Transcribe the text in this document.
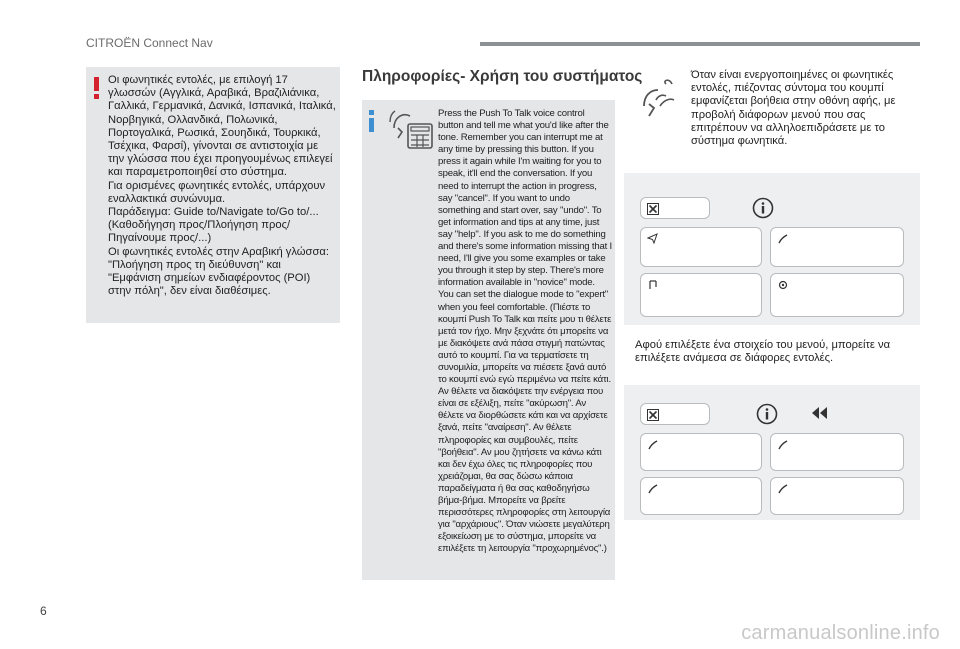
CITROËN Connect Nav

Οι φωνητικές εντολές, με επιλογή 17 γλωσσών (Αγγλικά, Αραβικά, Βραζιλιάνικα, Γαλλικά, Γερμανικά, Δανικά, Ισπανικά, Ιταλικά, Νορβηγικά, Ολλανδικά, Πολωνικά, Πορτογαλικά, Ρωσικά, Σουηδικά, Τουρκικά, Τσέχικα, Φαρσί), γίνονται σε αντιστοιχία με την γλώσσα που έχει προηγουμένως επιλεγεί και παραμετροποιηθεί στο σύστημα.

Για ορισμένες φωνητικές εντολές, υπάρχουν εναλλακτικά συνώνυμα.

Παράδειγμα: Guide to/Navigate to/Go to/... (Καθοδήγηση προς/Πλοήγηση προς/Πηγαίνουμε προς/...)

Οι φωνητικές εντολές στην Αραβική γλώσσα: "Πλοήγηση προς τη διεύθυνση" και "Εμφάνιση σημείων ενδιαφέροντος (POI) στην πόλη", δεν είναι διαθέσιμες.

Πληροφορίες- Χρήση του συστήματος
Press the Push To Talk voice control button and tell me what you'd like after the tone. Remember you can interrupt me at any time by pressing this button. If you press it again while I'm waiting for you to speak, it'll end the conversation. If you need to interrupt the action in progress, say "cancel". If you want to undo something and start over, say "undo". To get information and tips at any time, just say "help". If you ask to me do something and there's some information missing that I need, I'll give you some examples or take you through it step by step. There's more information available in "novice" mode. You can set the dialogue mode to "expert" when you feel comfortable. (Πιέστε το κουμπί Push To Talk και πείτε μου τι θέλετε μετά τον ήχο. Μην ξεχνάτε ότι μπορείτε να με διακόψετε ανά πάσα στιγμή πατώντας αυτό το κουμπί. Για να τερματίσετε τη συνομιλία, μπορείτε να πιέσετε ξανά αυτό το κουμπί ενώ εγώ περιμένω να πείτε κάτι. Αν θέλετε να διακόψετε την ενέργεια που είναι σε εξέλιξη, πείτε "ακύρωση". Αν θέλετε να διορθώσετε κάτι και να αρχίσετε ξανά, πείτε "αναίρεση". Αν θέλετε πληροφορίες και συμβουλές, πείτε "βοήθεια". Αν μου ζητήσετε να κάνω κάτι και δεν έχω όλες τις πληροφορίες που χρειάζομαι, θα σας δώσω κάποια παραδείγματα ή θα σας καθοδηγήσω βήμα-βήμα. Μπορείτε να βρείτε περισσότερες πληροφορίες στη λειτουργία για "αρχάριους". Όταν νιώσετε μεγαλύτερη εξοικείωση με το σύστημα, μπορείτε να επιλέξετε τη λειτουργία "προχωρημένος".)
Όταν είναι ενεργοποιημένες οι φωνητικές εντολές, πιέζοντας σύντομα του κουμπί εμφανίζεται βοήθεια στην οθόνη αφής, με προβολή διάφορων μενού που σας επιτρέπουν να αλληλοεπιδράσετε με το σύστημα φωνητικά.
Αφού επιλέξετε ένα στοιχείο του μενού, μπορείτε να επιλέξετε ανάμεσα σε διάφορες εντολές.
6
carmanualsonline.info
